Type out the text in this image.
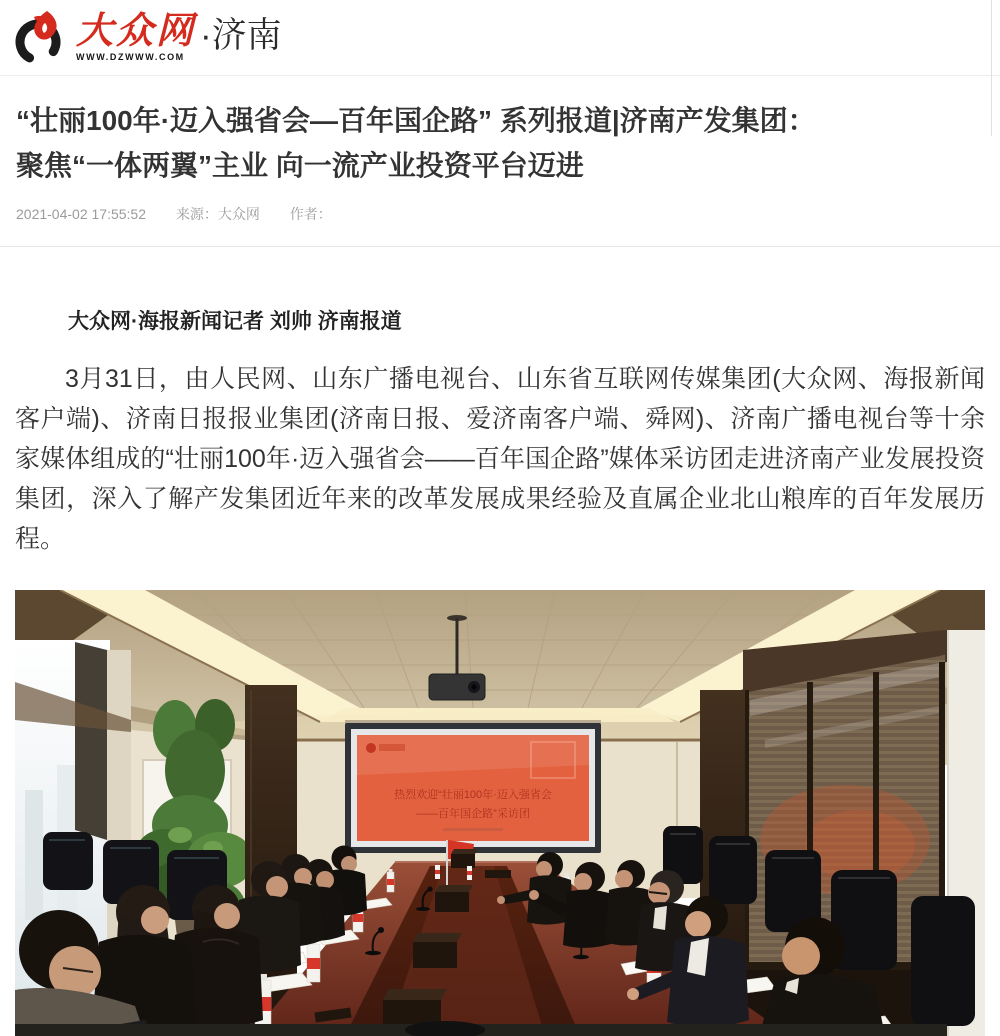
大众网
WWW.DZWWW.COM
·济南
“壮丽100年·迈入强省会—百年国企路” 系列报道|济南产发集团：
聚焦“一体两翼”主业 向一流产业投资平台迈进
2021-04-02 17:55:52 来源：大众网 作者：
大众网·海报新闻记者 刘帅 济南报道

3月31日，由人民网、山东广播电视台、山东省互联网传媒集团(大众网、海报新闻客户端)、济南日报报业集团(济南日报、爱济南客户端、舜网)、济南广播电视台等十余家媒体组成的“壮丽100年·迈入强省会——百年国企路”媒体采访团走进济南产业发展投资集团，深入了解产发集团近年来的改革发展成果经验及直属企业北山粮库的百年发展历程。

热烈欢迎“壮丽100年·迈入强省会
——百年国企路”采访团
